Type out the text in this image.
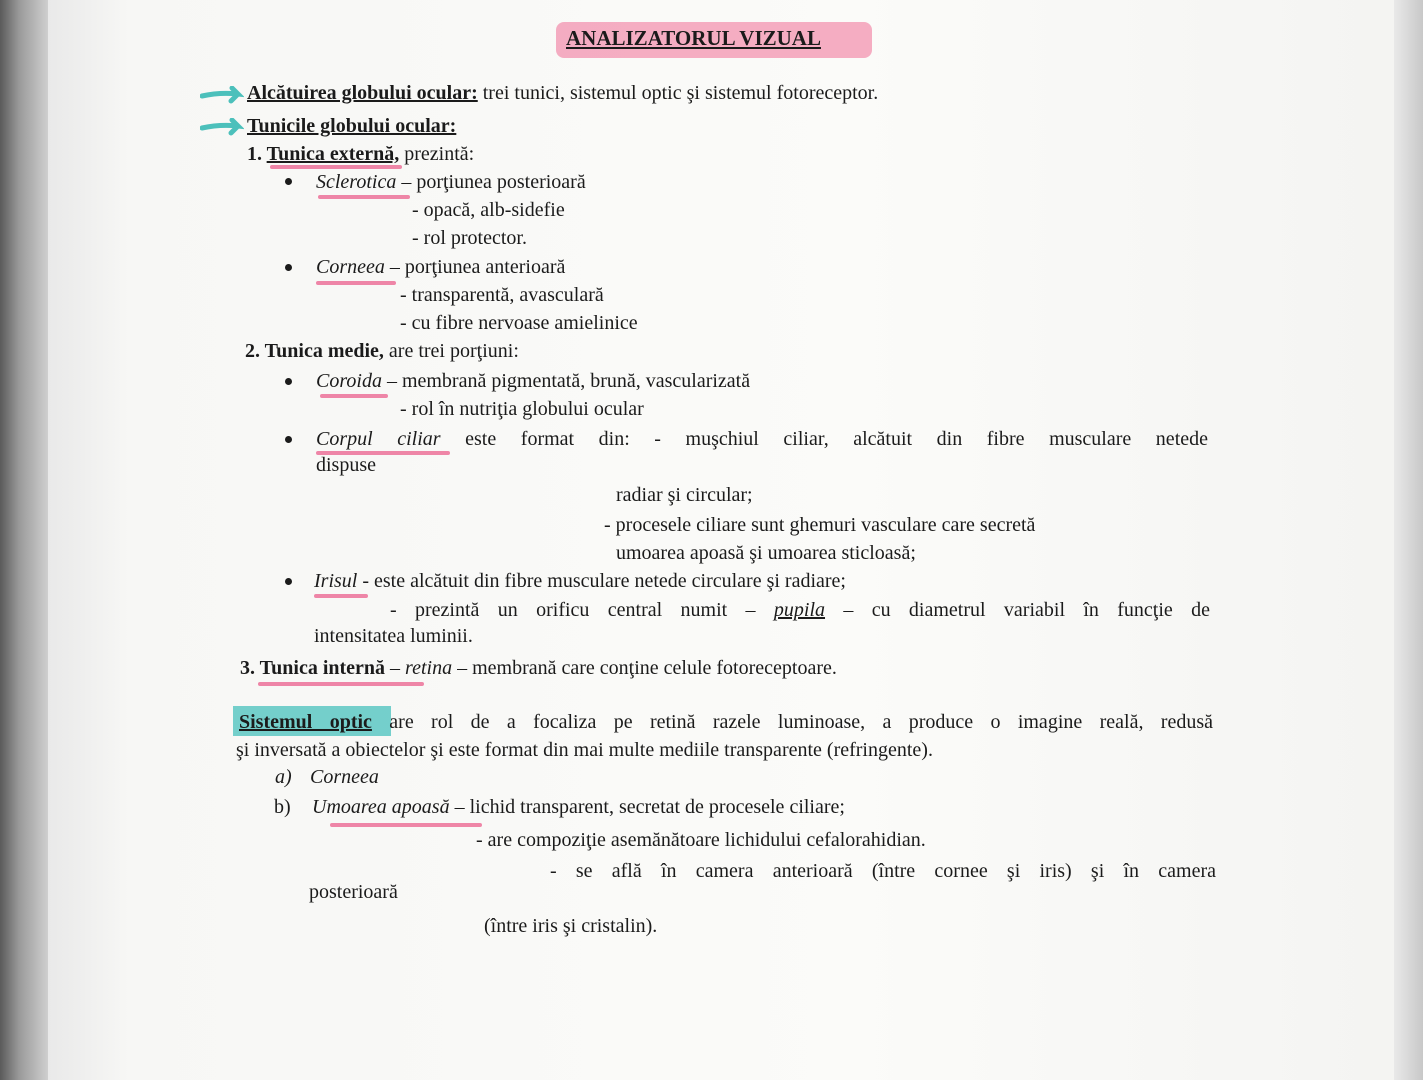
ANALIZATORUL VIZUAL
Alcătuirea globului ocular: trei tunici, sistemul optic şi sistemul fotoreceptor.
Tunicile globului ocular:
1. Tunica externă, prezintă:
Sclerotica – porţiunea posterioară
- opacă, alb-sidefie
- rol protector.
Corneea – porţiunea anterioară
- transparentă, avasculară
- cu fibre nervoase amielinice
2. Tunica medie, are trei porţiuni:
Coroida – membrană pigmentată, brună, vascularizată
- rol în nutriţia globului ocular
Corpul ciliar este format din: - muşchiul ciliar, alcătuit din fibre musculare netede
dispuse
radiar şi circular;
- procesele ciliare sunt ghemuri vasculare care secretă
umoarea apoasă şi umoarea sticloasă;
Irisul - este alcătuit din fibre musculare netede circulare şi radiare;
- prezintă un orificu central numit – pupila – cu diametrul variabil în funcţie de
intensitatea luminii.
3. Tunica internă – retina – membrană care conţine celule fotoreceptoare.
Sistemul optic are rol de a focaliza pe retină razele luminoase, a produce o imagine reală, redusă
şi inversată a obiectelor şi este format din mai multe mediile transparente (refringente).
a) Corneea
b) Umoarea apoasă – lichid transparent, secretat de procesele ciliare;
- are compoziţie asemănătoare lichidului cefalorahidian.
- se află în camera anterioară (între cornee şi iris) şi în camera
posterioară
(între iris şi cristalin).
